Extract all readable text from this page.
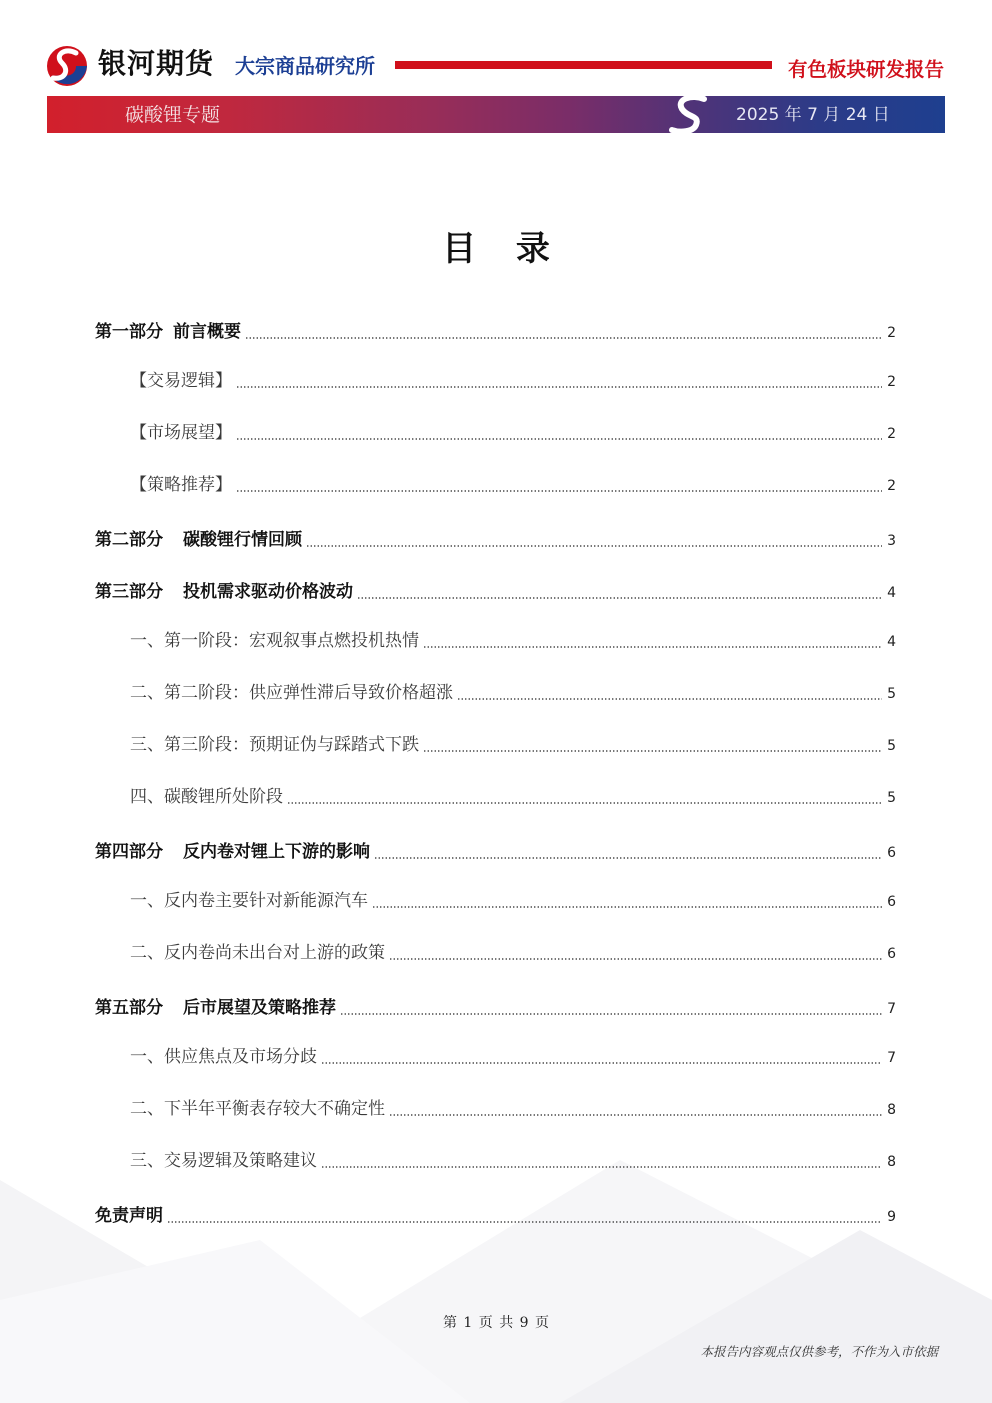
银河期货 大宗商品研究所	有色板块研发报告
碳酸锂专题	2025 年 7 月 24 日
目 录
第一部分 前言概要	2
【交易逻辑】	2
【市场展望】	2
【策略推荐】	2
第二部分 碳酸锂行情回顾	3
第三部分 投机需求驱动价格波动	4
一、第一阶段：宏观叙事点燃投机热情	4
二、第二阶段：供应弹性滞后导致价格超涨	5
三、第三阶段：预期证伪与踩踏式下跌	5
四、碳酸锂所处阶段	5
第四部分 反内卷对锂上下游的影响	6
一、反内卷主要针对新能源汽车	6
二、反内卷尚未出台对上游的政策	6
第五部分 后市展望及策略推荐	7
一、供应焦点及市场分歧	7
二、下半年平衡表存较大不确定性	8
三、交易逻辑及策略建议	8
免责声明	9
第 1 页 共 9 页
本报告内容观点仅供参考，不作为入市依据
